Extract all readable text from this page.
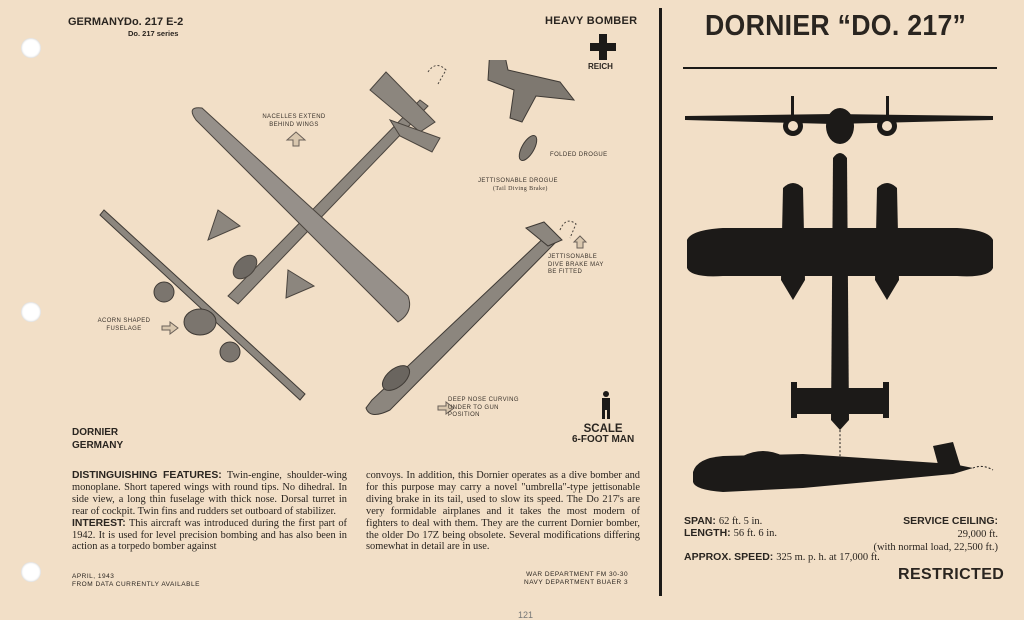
GERMANY:
Do. 217 E-2
Do. 217 series
HEAVY BOMBER
REICH
NACELLES EXTEND BEHIND WINGS
FOLDED DROGUE
JETTISONABLE DROGUE
(Tail Diving Brake)
JETTISONABLE DIVE BRAKE MAY BE FITTED
ACORN SHAPED FUSELAGE
DEEP NOSE CURVING UNDER TO GUN POSITION
DORNIER
GERMANY
SCALE
6-FOOT MAN
DISTINGUISHING FEATURES: Twin-engine, shoulder-wing monoplane. Short tapered wings with round tips. No dihedral. In side view, a long thin fuselage with thick nose. Dorsal turret in rear of cockpit. Twin fins and rudders set outboard of stabilizer.
INTEREST: This aircraft was introduced during the first part of 1942. It is used for level precision bombing and has also been in action as a torpedo bomber against
convoys. In addition, this Dornier operates as a dive bomber and for this purpose may carry a novel "umbrella"-type jettisonable diving brake in its tail, used to slow its speed. The Do 217's are very formidable airplanes and it takes the most modern of fighters to deal with them. They are the current Dornier bomber, the older Do 17Z being obsolete. Several modifications differing somewhat in detail are in use.
APRIL, 1943
FROM DATA CURRENTLY AVAILABLE
WAR DEPARTMENT FM 30-30
NAVY DEPARTMENT BUAER 3
121
DORNIER “DO. 217”
SPAN: 62 ft. 5 in.
LENGTH: 56 ft. 6 in.
SERVICE CEILING:
29,000 ft.
(with normal load, 22,500 ft.)
APPROX. SPEED: 325 m. p. h. at 17,000 ft.
RESTRICTED
